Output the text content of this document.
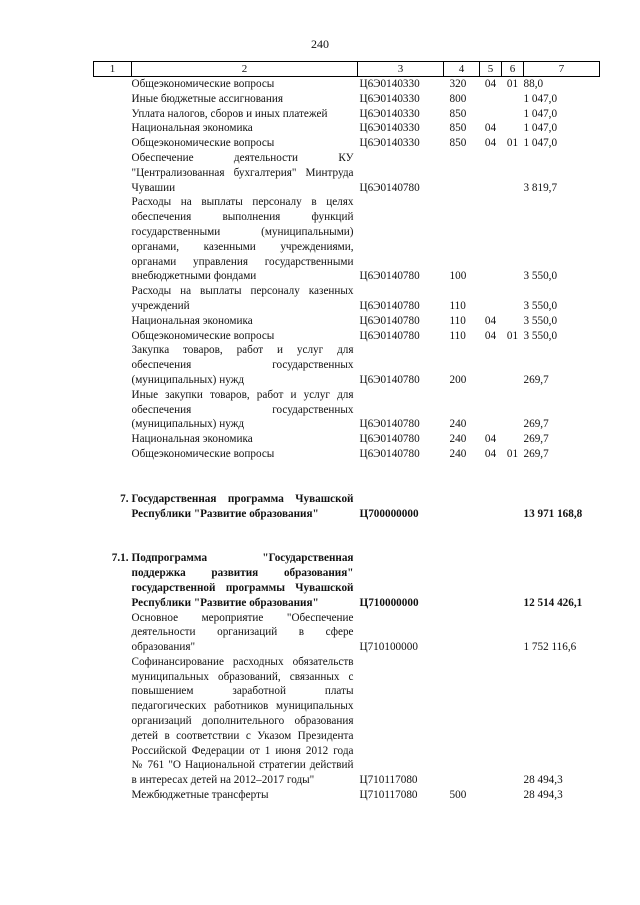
240
1	2	3	4	5	6	7
	Общеэкономические вопросы	Ц6Э0140330	320	04	01	88,0
	Иные бюджетные ассигнования	Ц6Э0140330	800			1 047,0
	Уплата налогов, сборов и иных платежей	Ц6Э0140330	850			1 047,0
	Национальная экономика	Ц6Э0140330	850	04		1 047,0
	Общеэкономические вопросы	Ц6Э0140330	850	04	01	1 047,0
	Обеспечение деятельности КУ "Централизованная бухгалтерия" Минтруда Чувашии	Ц6Э0140780				3 819,7
	Расходы на выплаты персоналу в целях обеспечения выполнения функций государственными (муниципальными) органами, казенными учреждениями, органами управления государственными внебюджетными фондами	Ц6Э0140780	100			3 550,0
	Расходы на выплаты персоналу казенных учреждений	Ц6Э0140780	110			3 550,0
	Национальная экономика	Ц6Э0140780	110	04		3 550,0
	Общеэкономические вопросы	Ц6Э0140780	110	04	01	3 550,0
	Закупка товаров, работ и услуг для обеспечения государственных (муниципальных) нужд	Ц6Э0140780	200			269,7
	Иные закупки товаров, работ и услуг для обеспечения государственных (муниципальных) нужд	Ц6Э0140780	240			269,7
	Национальная экономика	Ц6Э0140780	240	04		269,7
	Общеэкономические вопросы	Ц6Э0140780	240	04	01	269,7
7.	Государственная программа Чувашской Республики "Развитие образования"	Ц700000000				13 971 168,8
7.1.	Подпрограмма "Государственная поддержка развития образования" государственной программы Чувашской Республики "Развитие образования"	Ц710000000				12 514 426,1
	Основное мероприятие "Обеспечение деятельности организаций в сфере образования"	Ц710100000				1 752 116,6
	Софинансирование расходных обязательств муниципальных образований, связанных с повышением заработной платы педагогических работников муниципальных организаций дополнительного образования детей в соответствии с Указом Президента Российской Федерации от 1 июня 2012 года № 761 "О Национальной стратегии действий в интересах детей на 2012–2017 годы"	Ц710117080				28 494,3
	Межбюджетные трансферты	Ц710117080	500			28 494,3
